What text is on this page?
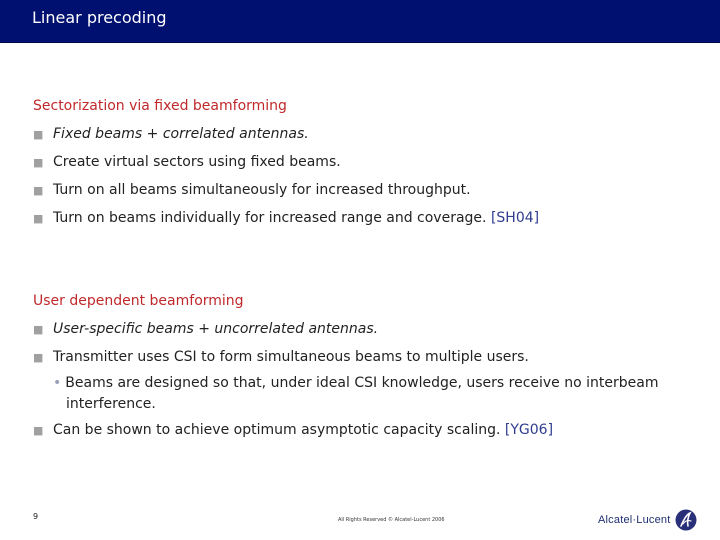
Linear precoding
Sectorization via fixed beamforming
■ Fixed beams + correlated antennas.
■ Create virtual sectors using fixed beams.
■ Turn on all beams simultaneously for increased throughput.
■ Turn on beams individually for increased range and coverage. [SH04]
User dependent beamforming
■ User-specific beams + uncorrelated antennas.
■ Transmitter uses CSI to form simultaneous beams to multiple users.
• Beams are designed so that, under ideal CSI knowledge, users receive no interbeam
interference.
■ Can be shown to achieve optimum asymptotic capacity scaling. [YG06]
9	All Rights Reserved © Alcatel-Lucent 2006	Alcatel·Lucent
